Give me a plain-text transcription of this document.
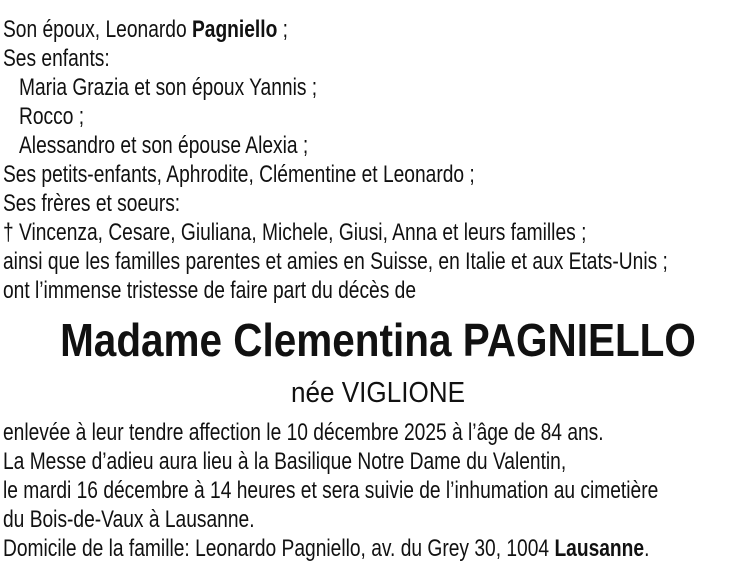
Son époux, Leonardo Pagniello ;
Ses enfants:
Maria Grazia et son époux Yannis ;
Rocco ;
Alessandro et son épouse Alexia ;
Ses petits-enfants, Aphrodite, Clémentine et Leonardo ;
Ses frères et soeurs:
† Vincenza, Cesare, Giuliana, Michele, Giusi, Anna et leurs familles ;
ainsi que les familles parentes et amies en Suisse, en Italie et aux Etats-Unis ;
ont l’immense tristesse de faire part du décès de
Madame Clementina PAGNIELLO
née VIGLIONE
enlevée à leur tendre affection le 10 décembre 2025 à l’âge de 84 ans.
La Messe d’adieu aura lieu à la Basilique Notre Dame du Valentin,
le mardi 16 décembre à 14 heures et sera suivie de l’inhumation au cimetière
du Bois-de-Vaux à Lausanne.
Domicile de la famille: Leonardo Pagniello, av. du Grey 30, 1004 Lausanne.
